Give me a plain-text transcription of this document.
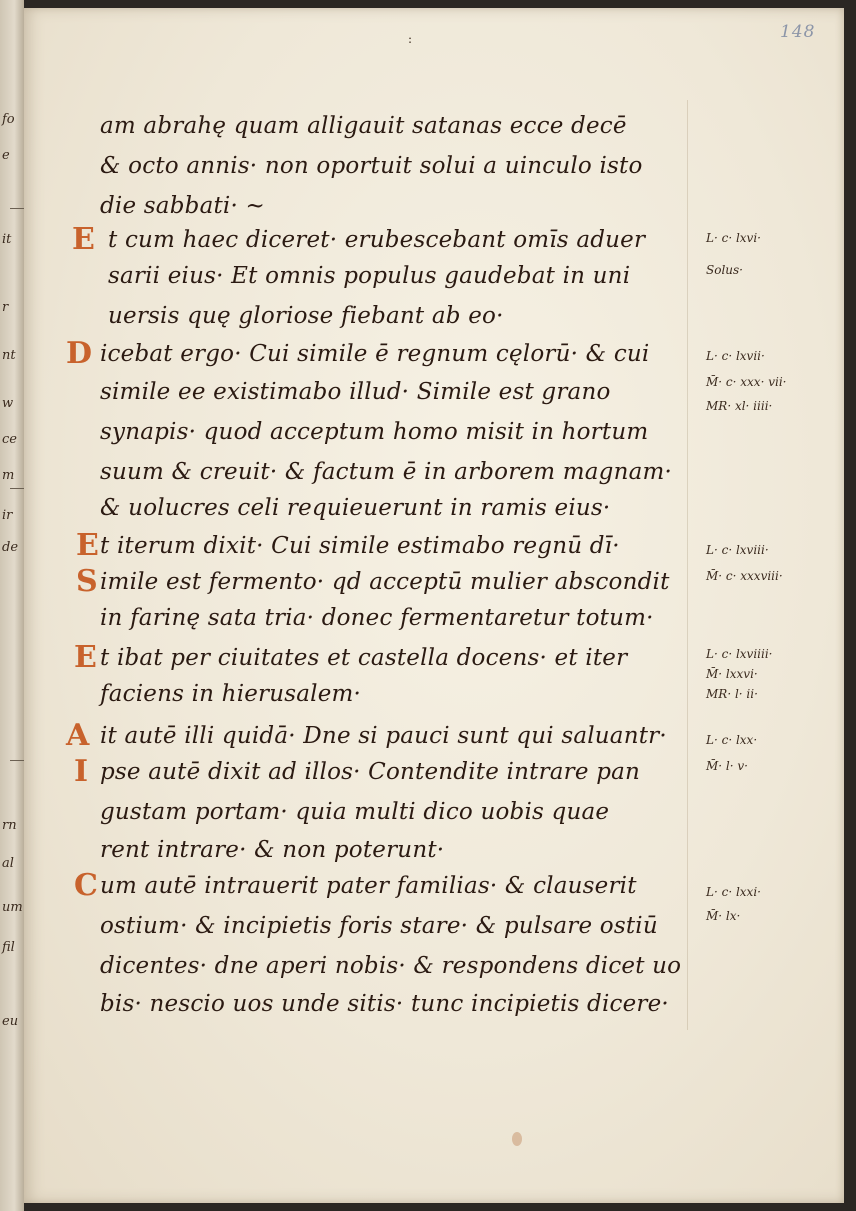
fo
e
it
r
nt
w
ce
m
ir
de
rn
al
um
fil
eu
148
:
am abrahę quam alligauit satanas ecce decē
& octo annis· non oportuit solui a uinculo isto
die sabbati· ~
t cum haec diceret· erubescebant omīs aduer
sarii eius· Et omnis populus gaudebat in uni
uersis quę gloriose fiebant ab eo·
icebat ergo· Cui simile ē regnum cęlorū· & cui
simile ee existimabo illud· Simile est grano
synapis· quod acceptum homo misit in hortum
suum & creuit· & factum ē in arborem magnam·
& uolucres celi requieuerunt in ramis eius·
t iterum dixit· Cui simile estimabo regnū dī·
imile est fermento· qd acceptū mulier abscondit
in farinę sata tria· donec fermentaretur totum·
t ibat per ciuitates et castella docens· et iter
faciens in hierusalem·
it autē illi quidā· Dne si pauci sunt qui saluantr·
pse autē dixit ad illos· Contendite intrare pan
gustam portam· quia multi dico uobis quaе
rent intrare· & non poterunt·
um autē intrauerit pater familias· & clauserit
ostium· & incipietis foris stare· & pulsare ostiū
dicentes· dne aperi nobis· & respondens dicet uo
bis· nescio uos unde sitis· tunc incipietis dicere·
E
D
E
S
E
A
I
C
L· c· lxvi·
Solus·
L· c· lxvii·
M̄· c· xxx· vii·
MR· xl· iiii·
L· c· lxviii·
M̄· c· xxxviii·
L· c· lxviiii·
M̄· lxxvi·
MR· l· ii·
L· c· lxx·
M̄· l· v·
L· c· lxxi·
M̄· lx·
